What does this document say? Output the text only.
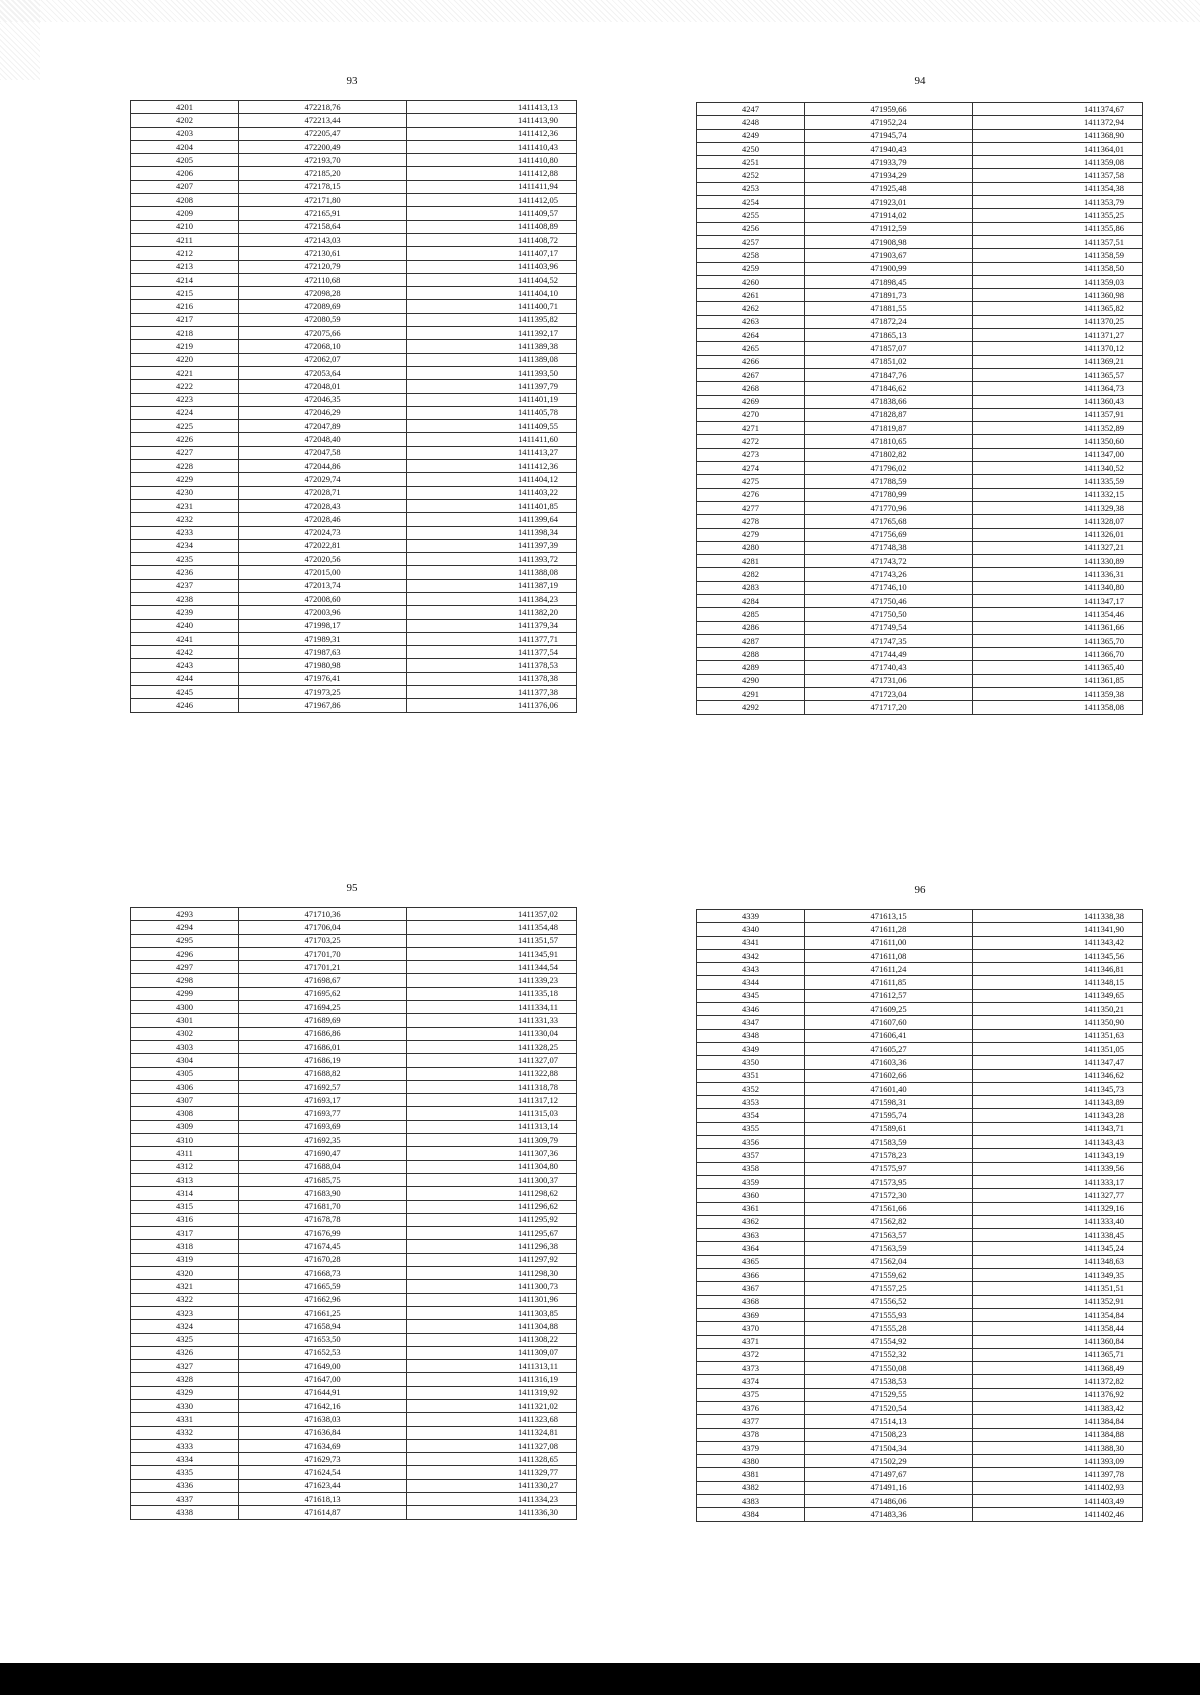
93
4201	472218,76	1411413,13
4202	472213,44	1411413,90
4203	472205,47	1411412,36
4204	472200,49	1411410,43
4205	472193,70	1411410,80
4206	472185,20	1411412,88
4207	472178,15	1411411,94
4208	472171,80	1411412,05
4209	472165,91	1411409,57
4210	472158,64	1411408,89
4211	472143,03	1411408,72
4212	472130,61	1411407,17
4213	472120,79	1411403,96
4214	472110,68	1411404,52
4215	472098,28	1411404,10
4216	472089,69	1411400,71
4217	472080,59	1411395,82
4218	472075,66	1411392,17
4219	472068,10	1411389,38
4220	472062,07	1411389,08
4221	472053,64	1411393,50
4222	472048,01	1411397,79
4223	472046,35	1411401,19
4224	472046,29	1411405,78
4225	472047,89	1411409,55
4226	472048,40	1411411,60
4227	472047,58	1411413,27
4228	472044,86	1411412,36
4229	472029,74	1411404,12
4230	472028,71	1411403,22
4231	472028,43	1411401,85
4232	472028,46	1411399,64
4233	472024,73	1411398,34
4234	472022,81	1411397,39
4235	472020,56	1411393,72
4236	472015,00	1411388,08
4237	472013,74	1411387,19
4238	472008,60	1411384,23
4239	472003,96	1411382,20
4240	471998,17	1411379,34
4241	471989,31	1411377,71
4242	471987,63	1411377,54
4243	471980,98	1411378,53
4244	471976,41	1411378,38
4245	471973,25	1411377,38
4246	471967,86	1411376,06
94
4247	471959,66	1411374,67
4248	471952,24	1411372,94
4249	471945,74	1411368,90
4250	471940,43	1411364,01
4251	471933,79	1411359,08
4252	471934,29	1411357,58
4253	471925,48	1411354,38
4254	471923,01	1411353,79
4255	471914,02	1411355,25
4256	471912,59	1411355,86
4257	471908,98	1411357,51
4258	471903,67	1411358,59
4259	471900,99	1411358,50
4260	471898,45	1411359,03
4261	471891,73	1411360,98
4262	471881,55	1411365,82
4263	471872,24	1411370,25
4264	471865,13	1411371,27
4265	471857,07	1411370,12
4266	471851,02	1411369,21
4267	471847,76	1411365,57
4268	471846,62	1411364,73
4269	471838,66	1411360,43
4270	471828,87	1411357,91
4271	471819,87	1411352,89
4272	471810,65	1411350,60
4273	471802,82	1411347,00
4274	471796,02	1411340,52
4275	471788,59	1411335,59
4276	471780,99	1411332,15
4277	471770,96	1411329,38
4278	471765,68	1411328,07
4279	471756,69	1411326,01
4280	471748,38	1411327,21
4281	471743,72	1411330,89
4282	471743,26	1411336,31
4283	471746,10	1411340,80
4284	471750,46	1411347,17
4285	471750,50	1411354,46
4286	471749,54	1411361,66
4287	471747,35	1411365,70
4288	471744,49	1411366,70
4289	471740,43	1411365,40
4290	471731,06	1411361,85
4291	471723,04	1411359,38
4292	471717,20	1411358,08
95
4293	471710,36	1411357,02
4294	471706,04	1411354,48
4295	471703,25	1411351,57
4296	471701,70	1411345,91
4297	471701,21	1411344,54
4298	471698,67	1411339,23
4299	471695,62	1411335,18
4300	471694,25	1411334,11
4301	471689,69	1411331,33
4302	471686,86	1411330,04
4303	471686,01	1411328,25
4304	471686,19	1411327,07
4305	471688,82	1411322,88
4306	471692,57	1411318,78
4307	471693,17	1411317,12
4308	471693,77	1411315,03
4309	471693,69	1411313,14
4310	471692,35	1411309,79
4311	471690,47	1411307,36
4312	471688,04	1411304,80
4313	471685,75	1411300,37
4314	471683,90	1411298,62
4315	471681,70	1411296,62
4316	471678,78	1411295,92
4317	471676,99	1411295,67
4318	471674,45	1411296,38
4319	471670,28	1411297,92
4320	471668,73	1411298,30
4321	471665,59	1411300,73
4322	471662,96	1411301,96
4323	471661,25	1411303,85
4324	471658,94	1411304,88
4325	471653,50	1411308,22
4326	471652,53	1411309,07
4327	471649,00	1411313,11
4328	471647,00	1411316,19
4329	471644,91	1411319,92
4330	471642,16	1411321,02
4331	471638,03	1411323,68
4332	471636,84	1411324,81
4333	471634,69	1411327,08
4334	471629,73	1411328,65
4335	471624,54	1411329,77
4336	471623,44	1411330,27
4337	471618,13	1411334,23
4338	471614,87	1411336,30
96
4339	471613,15	1411338,38
4340	471611,28	1411341,90
4341	471611,00	1411343,42
4342	471611,08	1411345,56
4343	471611,24	1411346,81
4344	471611,85	1411348,15
4345	471612,57	1411349,65
4346	471609,25	1411350,21
4347	471607,60	1411350,90
4348	471606,41	1411351,63
4349	471605,27	1411351,05
4350	471603,36	1411347,47
4351	471602,66	1411346,62
4352	471601,40	1411345,73
4353	471598,31	1411343,89
4354	471595,74	1411343,28
4355	471589,61	1411343,71
4356	471583,59	1411343,43
4357	471578,23	1411343,19
4358	471575,97	1411339,56
4359	471573,95	1411333,17
4360	471572,30	1411327,77
4361	471561,66	1411329,16
4362	471562,82	1411333,40
4363	471563,57	1411338,45
4364	471563,59	1411345,24
4365	471562,04	1411348,63
4366	471559,62	1411349,35
4367	471557,25	1411351,51
4368	471556,52	1411352,91
4369	471555,93	1411354,84
4370	471555,28	1411358,44
4371	471554,92	1411360,84
4372	471552,32	1411365,71
4373	471550,08	1411368,49
4374	471538,53	1411372,82
4375	471529,55	1411376,92
4376	471520,54	1411383,42
4377	471514,13	1411384,84
4378	471508,23	1411384,88
4379	471504,34	1411388,30
4380	471502,29	1411393,09
4381	471497,67	1411397,78
4382	471491,16	1411402,93
4383	471486,06	1411403,49
4384	471483,36	1411402,46
